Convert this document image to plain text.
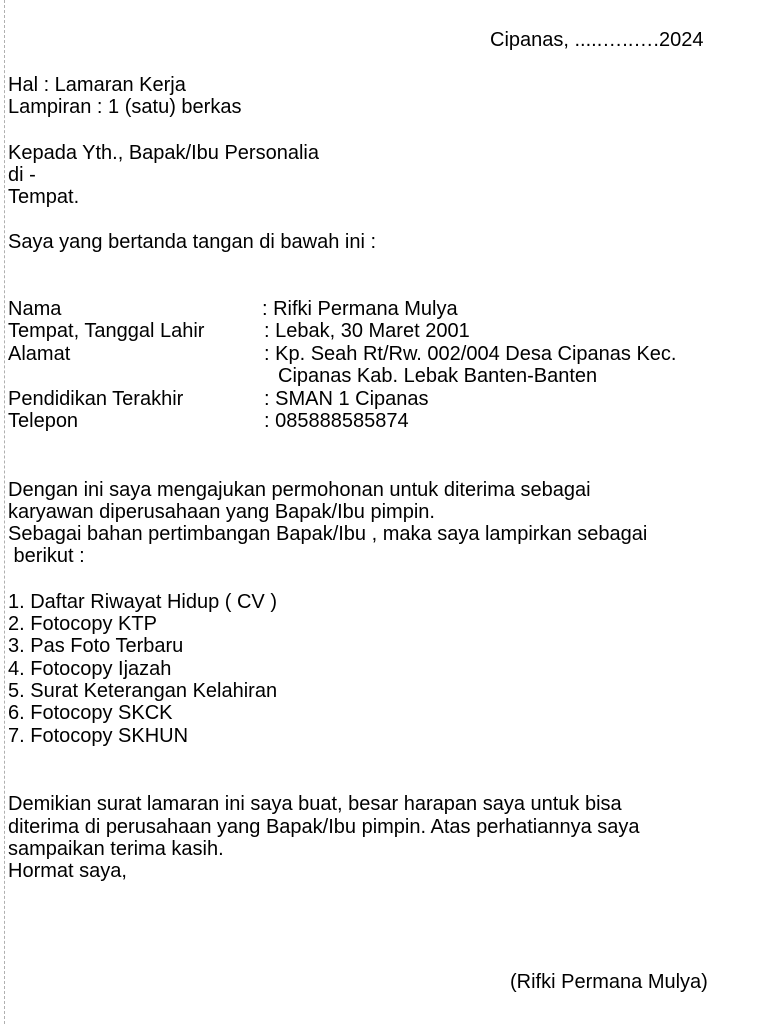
Cipanas, .....…..….2024
Hal : Lamaran Kerja
Lampiran : 1 (satu) berkas
Kepada Yth., Bapak/Ibu Personalia
di -
Tempat.
Saya yang bertanda tangan di bawah ini :
Nama	: Rifki Permana Mulya
Tempat, Tanggal Lahir	: Lebak, 30 Maret 2001
Alamat	: Kp. Seah Rt/Rw. 002/004 Desa Cipanas Kec.
Cipanas Kab. Lebak Banten-Banten
Pendidikan Terakhir	: SMAN 1 Cipanas
Telepon	: 085888585874
Dengan ini saya mengajukan permohonan untuk diterima sebagai
karyawan diperusahaan yang Bapak/Ibu pimpin.
Sebagai bahan pertimbangan Bapak/Ibu , maka saya lampirkan sebagai
berikut :
1. Daftar Riwayat Hidup ( CV )
2. Fotocopy KTP
3. Pas Foto Terbaru
4. Fotocopy Ijazah
5. Surat Keterangan Kelahiran
6. Fotocopy SKCK
7. Fotocopy SKHUN
Demikian surat lamaran ini saya buat, besar harapan saya untuk bisa
diterima di perusahaan yang Bapak/Ibu pimpin. Atas perhatiannya saya
sampaikan terima kasih.
Hormat saya,
(Rifki Permana Mulya)
